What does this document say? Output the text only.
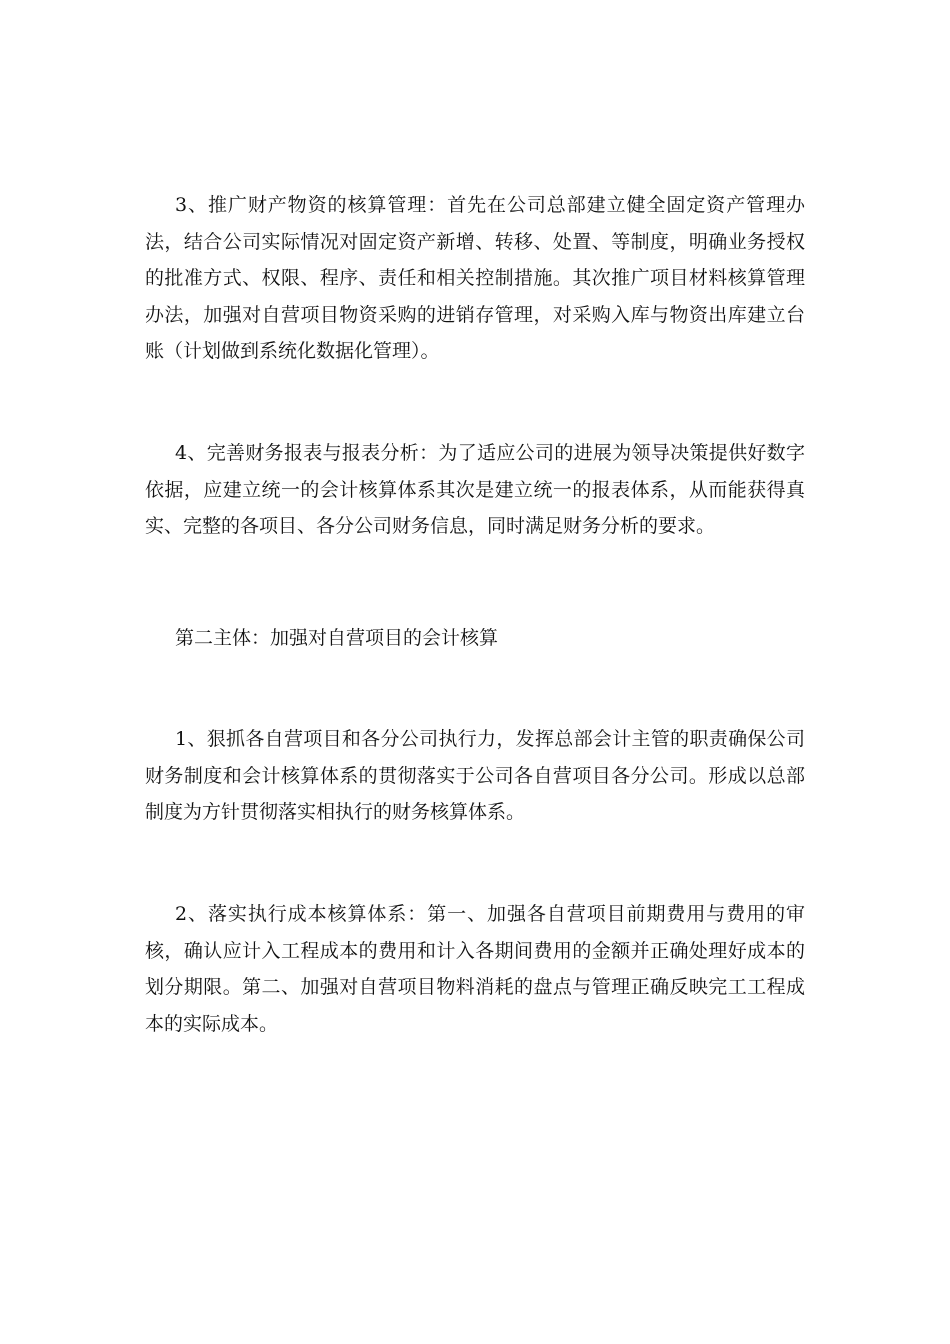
3、推广财产物资的核算管理：首先在公司总部建立健全固定资产管理办法，结合公司实际情况对固定资产新增、转移、处置、等制度，明确业务授权的批准方式、权限、程序、责任和相关控制措施。其次推广项目材料核算管理办法，加强对自营项目物资采购的进销存管理，对采购入库与物资出库建立台账（计划做到系统化数据化管理）。

4、完善财务报表与报表分析：为了适应公司的进展为领导决策提供好数字依据，应建立统一的会计核算体系其次是建立统一的报表体系，从而能获得真实、完整的各项目、各分公司财务信息，同时满足财务分析的要求。

第二主体：加强对自营项目的会计核算

1、狠抓各自营项目和各分公司执行力，发挥总部会计主管的职责确保公司财务制度和会计核算体系的贯彻落实于公司各自营项目各分公司。形成以总部制度为方针贯彻落实相执行的财务核算体系。

2、落实执行成本核算体系：第一、加强各自营项目前期费用与费用的审核，确认应计入工程成本的费用和计入各期间费用的金额并正确处理好成本的划分期限。第二、加强对自营项目物料消耗的盘点与管理正确反映完工工程成本的实际成本。
